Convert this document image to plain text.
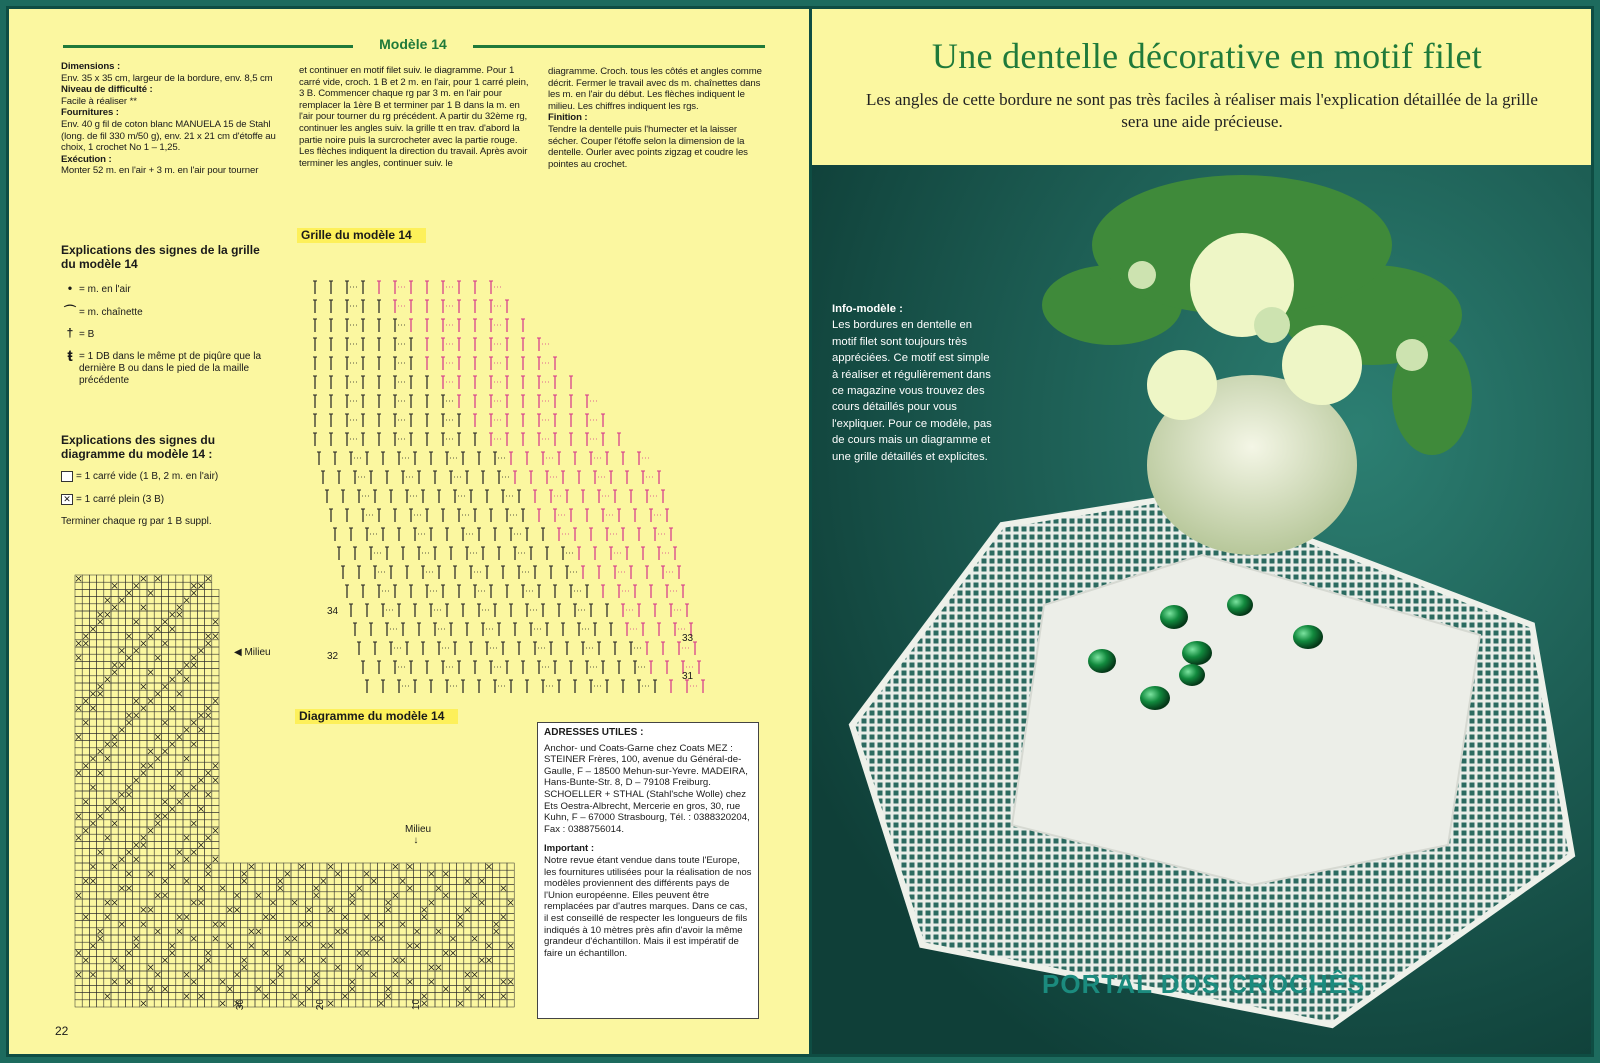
Modèle 14
Dimensions :
Env. 35 x 35 cm, largeur de la bordure, env. 8,5 cm
Niveau de difficulté :
Facile à réaliser **
Fournitures :
Env. 40 g fil de coton blanc MANUELA 15 de Stahl (long. de fil 330 m/50 g), env. 21 x 21 cm d'étoffe au choix, 1 crochet No 1 – 1,25.
Exécution :
Monter 52 m. en l'air + 3 m. en l'air pour tourner
et continuer en motif filet suiv. le diagramme. Pour 1 carré vide, croch. 1 B et 2 m. en l'air, pour 1 carré plein, 3 B. Commencer chaque rg par 3 m. en l'air pour remplacer la 1ère B et terminer par 1 B dans la m. en l'air pour tourner du rg précédent. A partir du 32ème rg, continuer les angles suiv. la grille tt en trav. d'abord la partie noire puis la surcrocheter avec la partie rouge. Les flèches indiquent la direction du travail. Après avoir terminer les angles, continuer suiv. le
diagramme. Croch. tous les côtés et angles comme décrit. Fermer le travail avec ds m. chaînettes dans les m. en l'air du début. Les flèches indiquent le milieu. Les chiffres indiquent les rgs.
Finition :
Tendre la dentelle puis l'humecter et la laisser sécher. Couper l'étoffe selon la dimension de la dentelle. Ourler avec points zigzag et coudre les pointes au crochet.
Explications des signes de la grille du modèle 14
• = m. en l'air
⌒ = m. chaînette
† = B
ŧ = 1 DB dans le même pt de piqûre que la dernière B ou dans le pied de la maille précédente
Explications des signes du diagramme du modèle 14 :
= 1 carré vide (1 B, 2 m. en l'air)
✕ = 1 carré plein (3 B)
Terminer chaque rg par 1 B suppl.
Grille du modèle 14
34
33
32
31
Diagramme du modèle 14
◀ Milieu
Milieu
↓
30	20	10
ADRESSES UTILES :
Anchor- und Coats-Garne chez Coats MEZ : STEINER Frères, 100, avenue du Général-de-Gaulle, F – 18500 Mehun-sur-Yevre. MADEIRA, Hans-Bunte-Str. 8, D – 79108 Freiburg. SCHOELLER + STHAL (Stahl'sche Wolle) chez Ets Oestra-Albrecht, Mercerie en gros, 30, rue Kuhn, F – 67000 Strasbourg, Tél. : 0388320204, Fax : 0388756014.
Important :
Notre revue étant vendue dans toute l'Europe, les fournitures utilisées pour la réalisation de nos modèles proviennent des différents pays de l'Union européenne. Elles peuvent être remplacées par d'autres marques. Dans ce cas, il est conseillé de respecter les longueurs de fils indiqués à 10 mètres près afin d'avoir la même grandeur d'échantillon. Mais il est impératif de faire un échantillon.
22
Une dentelle décorative en motif filet
Les angles de cette bordure ne sont pas très faciles à réaliser mais l'explication détaillée de la grille sera une aide précieuse.
Info-modèle :
Les bordures en dentelle en motif filet sont toujours très appréciées. Ce motif est simple à réaliser et régulièrement dans ce magazine vous trouvez des cours détaillés pour vous l'expliquer. Pour ce modèle, pas de cours mais un diagramme et une grille détaillés et explicites.
PORTAL DOS CROCHÊS
